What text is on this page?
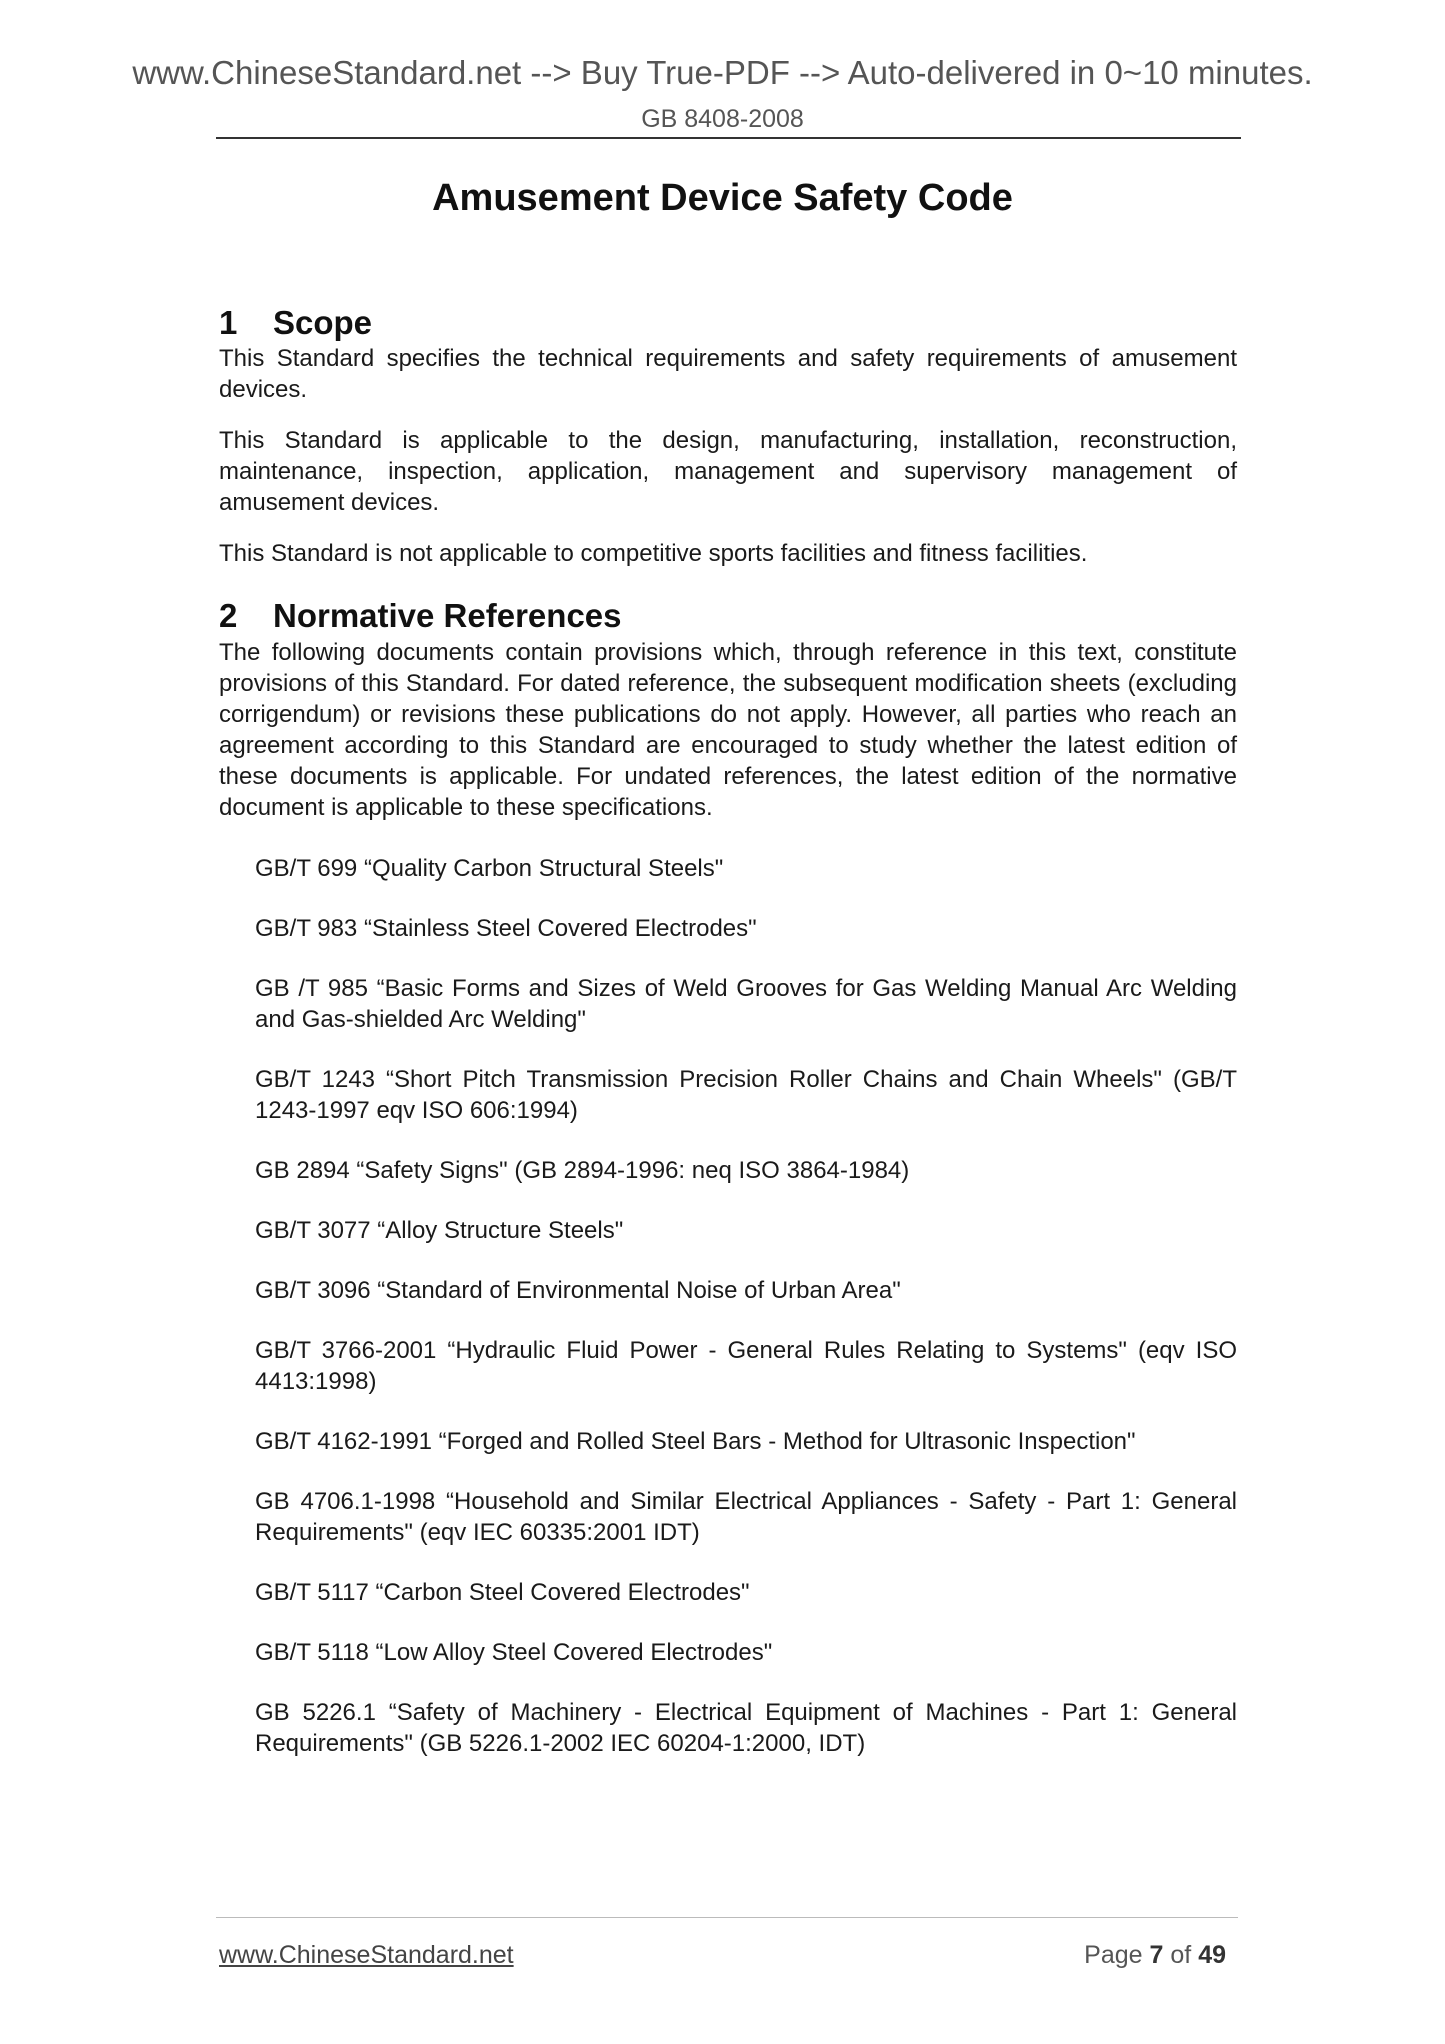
www.ChineseStandard.net --> Buy True-PDF --> Auto-delivered in 0~10 minutes.
GB 8408-2008
Amusement Device Safety Code
1 Scope

This Standard specifies the technical requirements and safety requirements of amusement devices.

This Standard is applicable to the design, manufacturing, installation, reconstruction, maintenance, inspection, application, management and supervisory management of amusement devices.

This Standard is not applicable to competitive sports facilities and fitness facilities.

2 Normative References

The following documents contain provisions which, through reference in this text, constitute provisions of this Standard. For dated reference, the subsequent modification sheets (excluding corrigendum) or revisions these publications do not apply. However, all parties who reach an agreement according to this Standard are encouraged to study whether the latest edition of these documents is applicable. For undated references, the latest edition of the normative document is applicable to these specifications.

GB/T 699 “Quality Carbon Structural Steels"
GB/T 983 “Stainless Steel Covered Electrodes"
GB /T 985 “Basic Forms and Sizes of Weld Grooves for Gas Welding Manual Arc Welding and Gas-shielded Arc Welding"
GB/T 1243 “Short Pitch Transmission Precision Roller Chains and Chain Wheels" (GB/T 1243-1997 eqv ISO 606:1994)
GB 2894 “Safety Signs" (GB 2894-1996: neq ISO 3864-1984)
GB/T 3077 “Alloy Structure Steels"
GB/T 3096 “Standard of Environmental Noise of Urban Area"
GB/T 3766-2001 “Hydraulic Fluid Power - General Rules Relating to Systems" (eqv ISO 4413:1998)
GB/T 4162-1991 “Forged and Rolled Steel Bars - Method for Ultrasonic Inspection"
GB 4706.1-1998 “Household and Similar Electrical Appliances - Safety - Part 1: General Requirements" (eqv IEC 60335:2001 IDT)
GB/T 5117 “Carbon Steel Covered Electrodes"
GB/T 5118 “Low Alloy Steel Covered Electrodes"
GB 5226.1 “Safety of Machinery - Electrical Equipment of Machines - Part 1: General Requirements" (GB 5226.1-2002 IEC 60204-1:2000, IDT)
www.ChineseStandard.net	Page 7 of 49
